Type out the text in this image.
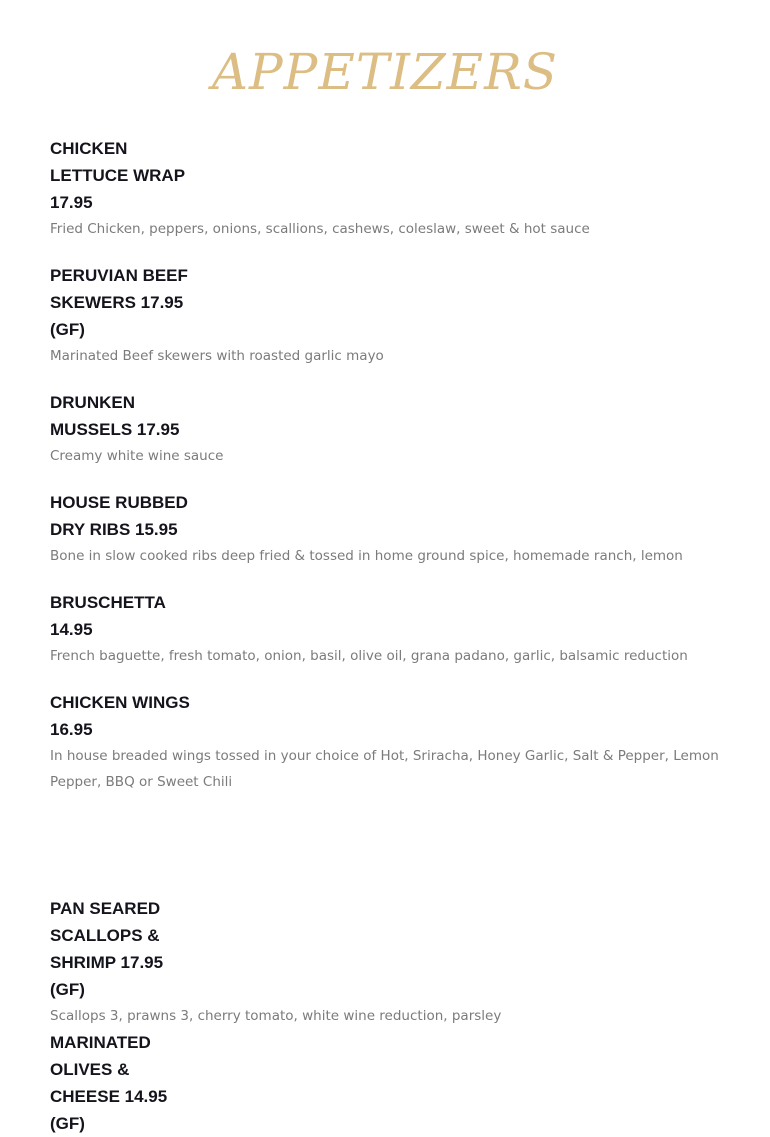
APPETIZERS

CHICKEN LETTUCE WRAP 17.95

Fried Chicken, peppers, onions, scallions, cashews, coleslaw, sweet & hot sauce

PERUVIAN BEEF SKEWERS 17.95 (GF)

Marinated Beef skewers with roasted garlic mayo

DRUNKEN MUSSELS 17.95

Creamy white wine sauce

HOUSE RUBBED DRY RIBS 15.95

Bone in slow cooked ribs deep fried & tossed in home ground spice, homemade ranch, lemon

BRUSCHETTA 14.95

French baguette, fresh tomato, onion, basil, olive oil, grana padano, garlic, balsamic reduction

CHICKEN WINGS 16.95

In house breaded wings tossed in your choice of Hot, Sriracha, Honey Garlic, Salt & Pepper, Lemon Pepper, BBQ or Sweet Chili

PAN SEARED SCALLOPS & SHRIMP 17.95 (GF)

Scallops 3, prawns 3, cherry tomato, white wine reduction, parsley

MARINATED OLIVES & CHEESE 14.95 (GF)
